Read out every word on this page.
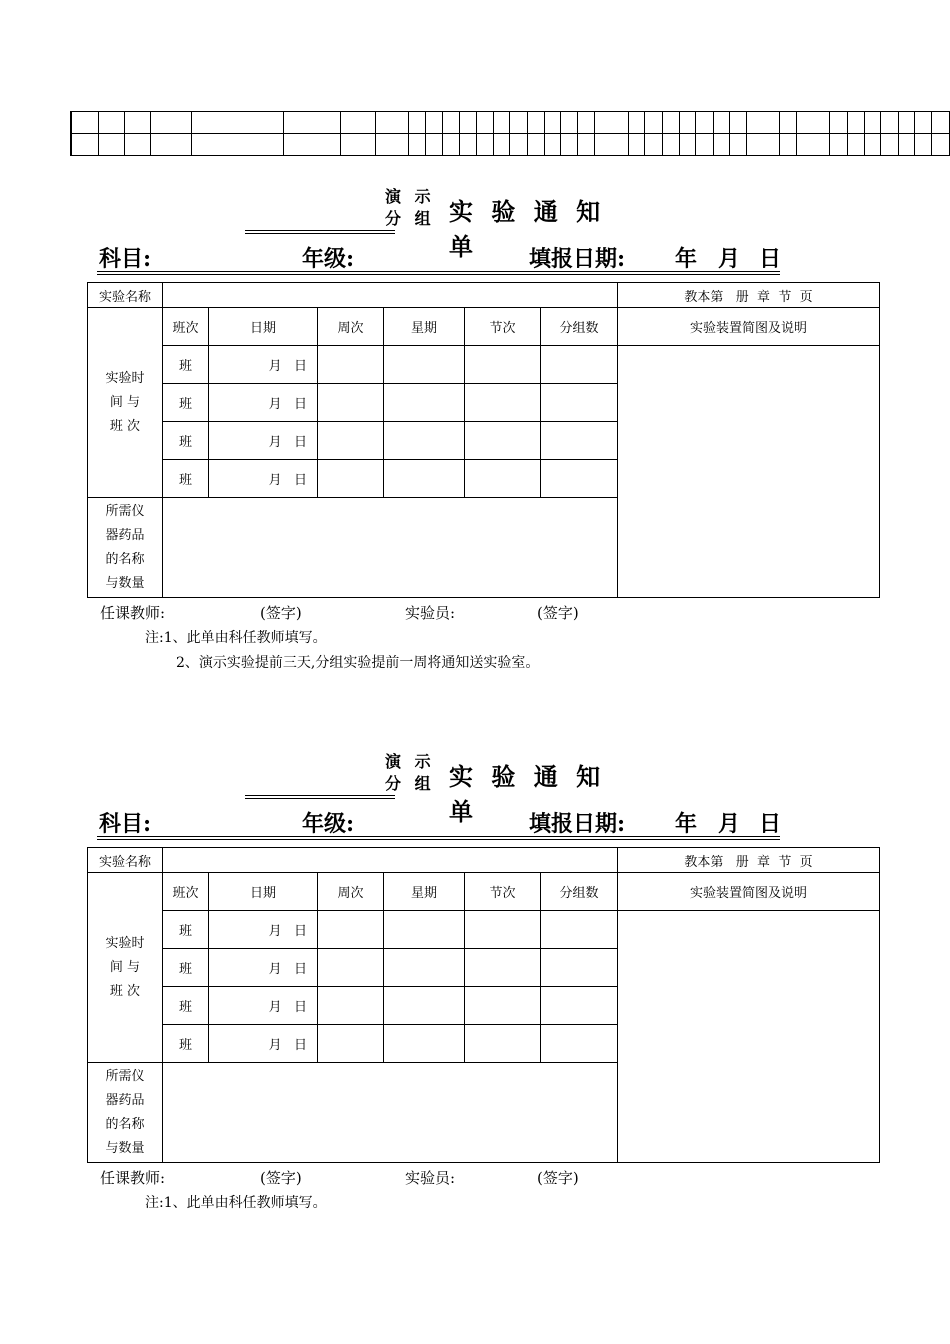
演 示
分 组 实 验 通 知 单
科目:	年级:	填报日期: 年 月 日
实验名称							教本第   册  章  节  页

实验时
间 与
班 次	班次	日期	周次	星期	节次	分组数	实验装置简图及说明
	班	月   日					
	班	月   日					
	班	月   日					
	班	月   日					

所需仪
器药品
的名称
与数量							

任课教师:	(签字)	实验员:	(签字)
注:1、此单由科任教师填写。
2、演示实验提前三天,分组实验提前一周将通知送实验室。
演 示
分 组 实 验 通 知 单
科目:	年级:	填报日期: 年 月 日
实验名称							教本第   册  章  节  页

实验时
间 与
班 次	班次	日期	周次	星期	节次	分组数	实验装置简图及说明
	班	月   日					
	班	月   日					
	班	月   日					
	班	月   日					

所需仪
器药品
的名称
与数量							

任课教师:	(签字)	实验员:	(签字)
注:1、此单由科任教师填写。
